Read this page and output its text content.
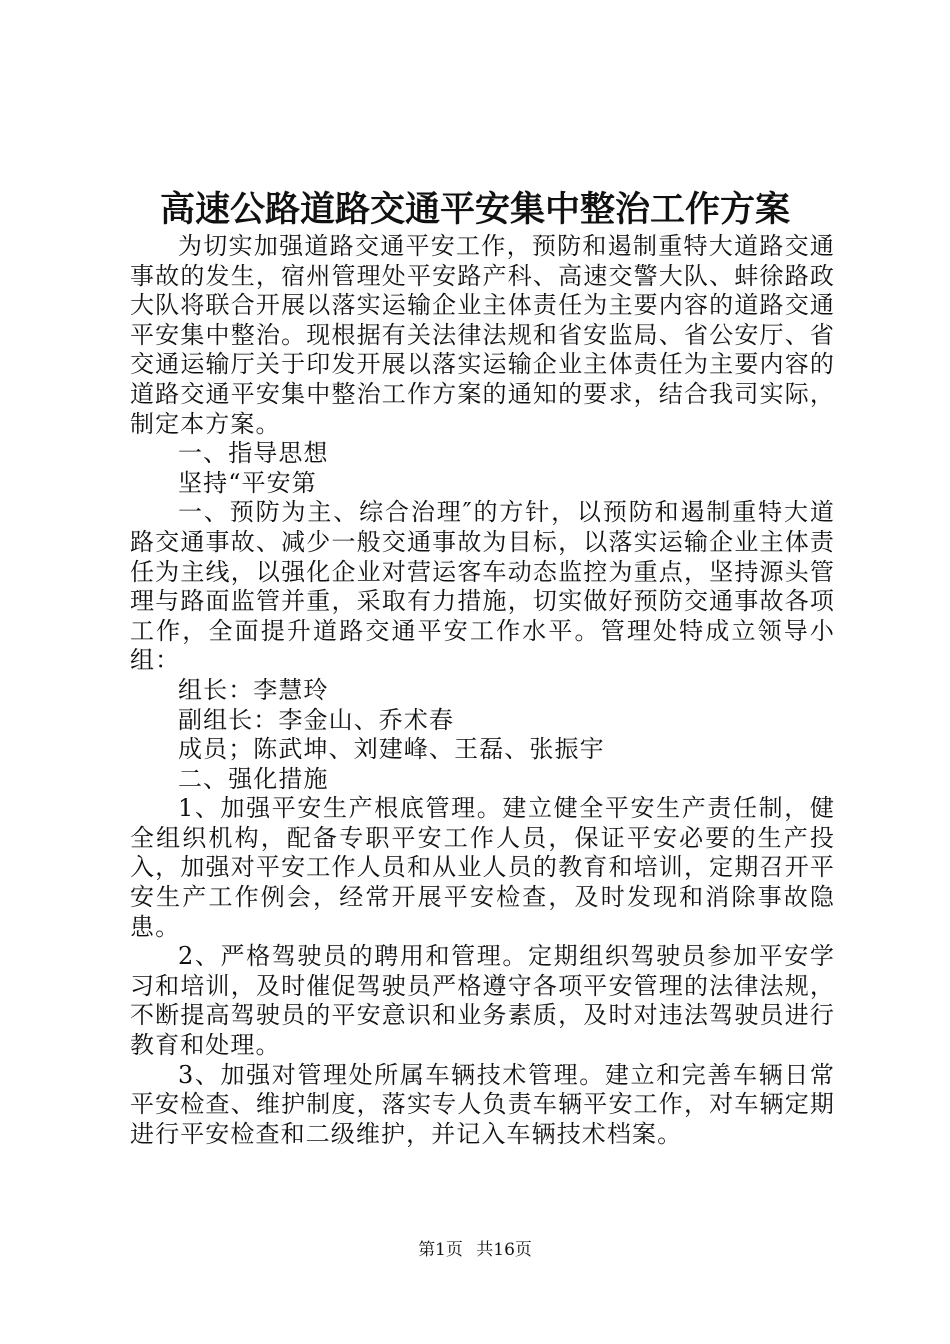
高速公路道路交通平安集中整治工作方案

为切实加强道路交通平安工作，预防和遏制重特大道路交通事故的发生，宿州管理处平安路产科、高速交警大队、蚌徐路政大队将联合开展以落实运输企业主体责任为主要内容的道路交通平安集中整治。现根据有关法律法规和省安监局、省公安厅、省交通运输厅关于印发开展以落实运输企业主体责任为主要内容的道路交通平安集中整治工作方案的通知的要求，结合我司实际，制定本方案。

一、指导思想

坚持“平安第

一、预防为主、综合治理″的方针，以预防和遏制重特大道路交通事故、减少一般交通事故为目标，以落实运输企业主体责任为主线，以强化企业对营运客车动态监控为重点，坚持源头管理与路面监管并重，采取有力措施，切实做好预防交通事故各项工作，全面提升道路交通平安工作水平。管理处特成立领导小组：

组长：李慧玲

副组长：李金山、乔术春

成员；陈武坤、刘建峰、王磊、张振宇

二、强化措施

1、加强平安生产根底管理。建立健全平安生产责任制，健全组织机构，配备专职平安工作人员，保证平安必要的生产投入，加强对平安工作人员和从业人员的教育和培训，定期召开平安生产工作例会，经常开展平安检查，及时发现和消除事故隐患。

2、严格驾驶员的聘用和管理。定期组织驾驶员参加平安学习和培训，及时催促驾驶员严格遵守各项平安管理的法律法规，不断提高驾驶员的平安意识和业务素质，及时对违法驾驶员进行教育和处理。

3、加强对管理处所属车辆技术管理。建立和完善车辆日常平安检查、维护制度，落实专人负责车辆平安工作，对车辆定期进行平安检查和二级维护，并记入车辆技术档案。

第1页 共16页
